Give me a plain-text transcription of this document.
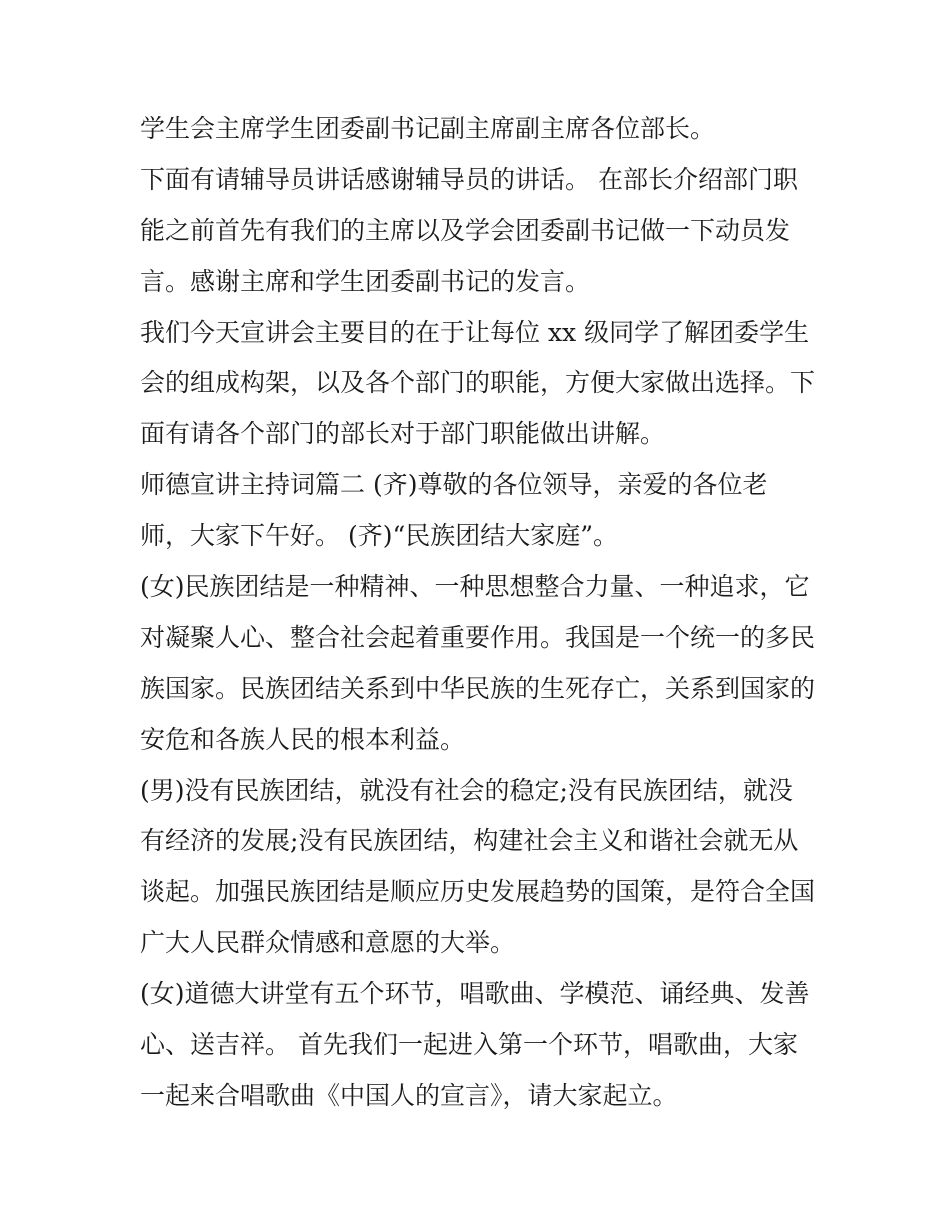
学生会主席学生团委副书记副主席副主席各位部长。
下面有请辅导员讲话感谢辅导员的讲话。 在部长介绍部门职
能之前首先有我们的主席以及学会团委副书记做一下动员发
言。感谢主席和学生团委副书记的发言。
我们今天宣讲会主要目的在于让每位 xx 级同学了解团委学生
会的组成构架，以及各个部门的职能，方便大家做出选择。下
面有请各个部门的部长对于部门职能做出讲解。
师德宣讲主持词篇二 (齐)尊敬的各位领导，亲爱的各位老
师，大家下午好。 (齐)“民族团结大家庭”。
(女)民族团结是一种精神、一种思想整合力量、一种追求，它
对凝聚人心、整合社会起着重要作用。我国是一个统一的多民
族国家。民族团结关系到中华民族的生死存亡，关系到国家的
安危和各族人民的根本利益。
(男)没有民族团结，就没有社会的稳定;没有民族团结，就没
有经济的发展;没有民族团结，构建社会主义和谐社会就无从
谈起。加强民族团结是顺应历史发展趋势的国策，是符合全国
广大人民群众情感和意愿的大举。
(女)道德大讲堂有五个环节，唱歌曲、学模范、诵经典、发善
心、送吉祥。 首先我们一起进入第一个环节，唱歌曲，大家
一起来合唱歌曲《中国人的宣言》，请大家起立。
